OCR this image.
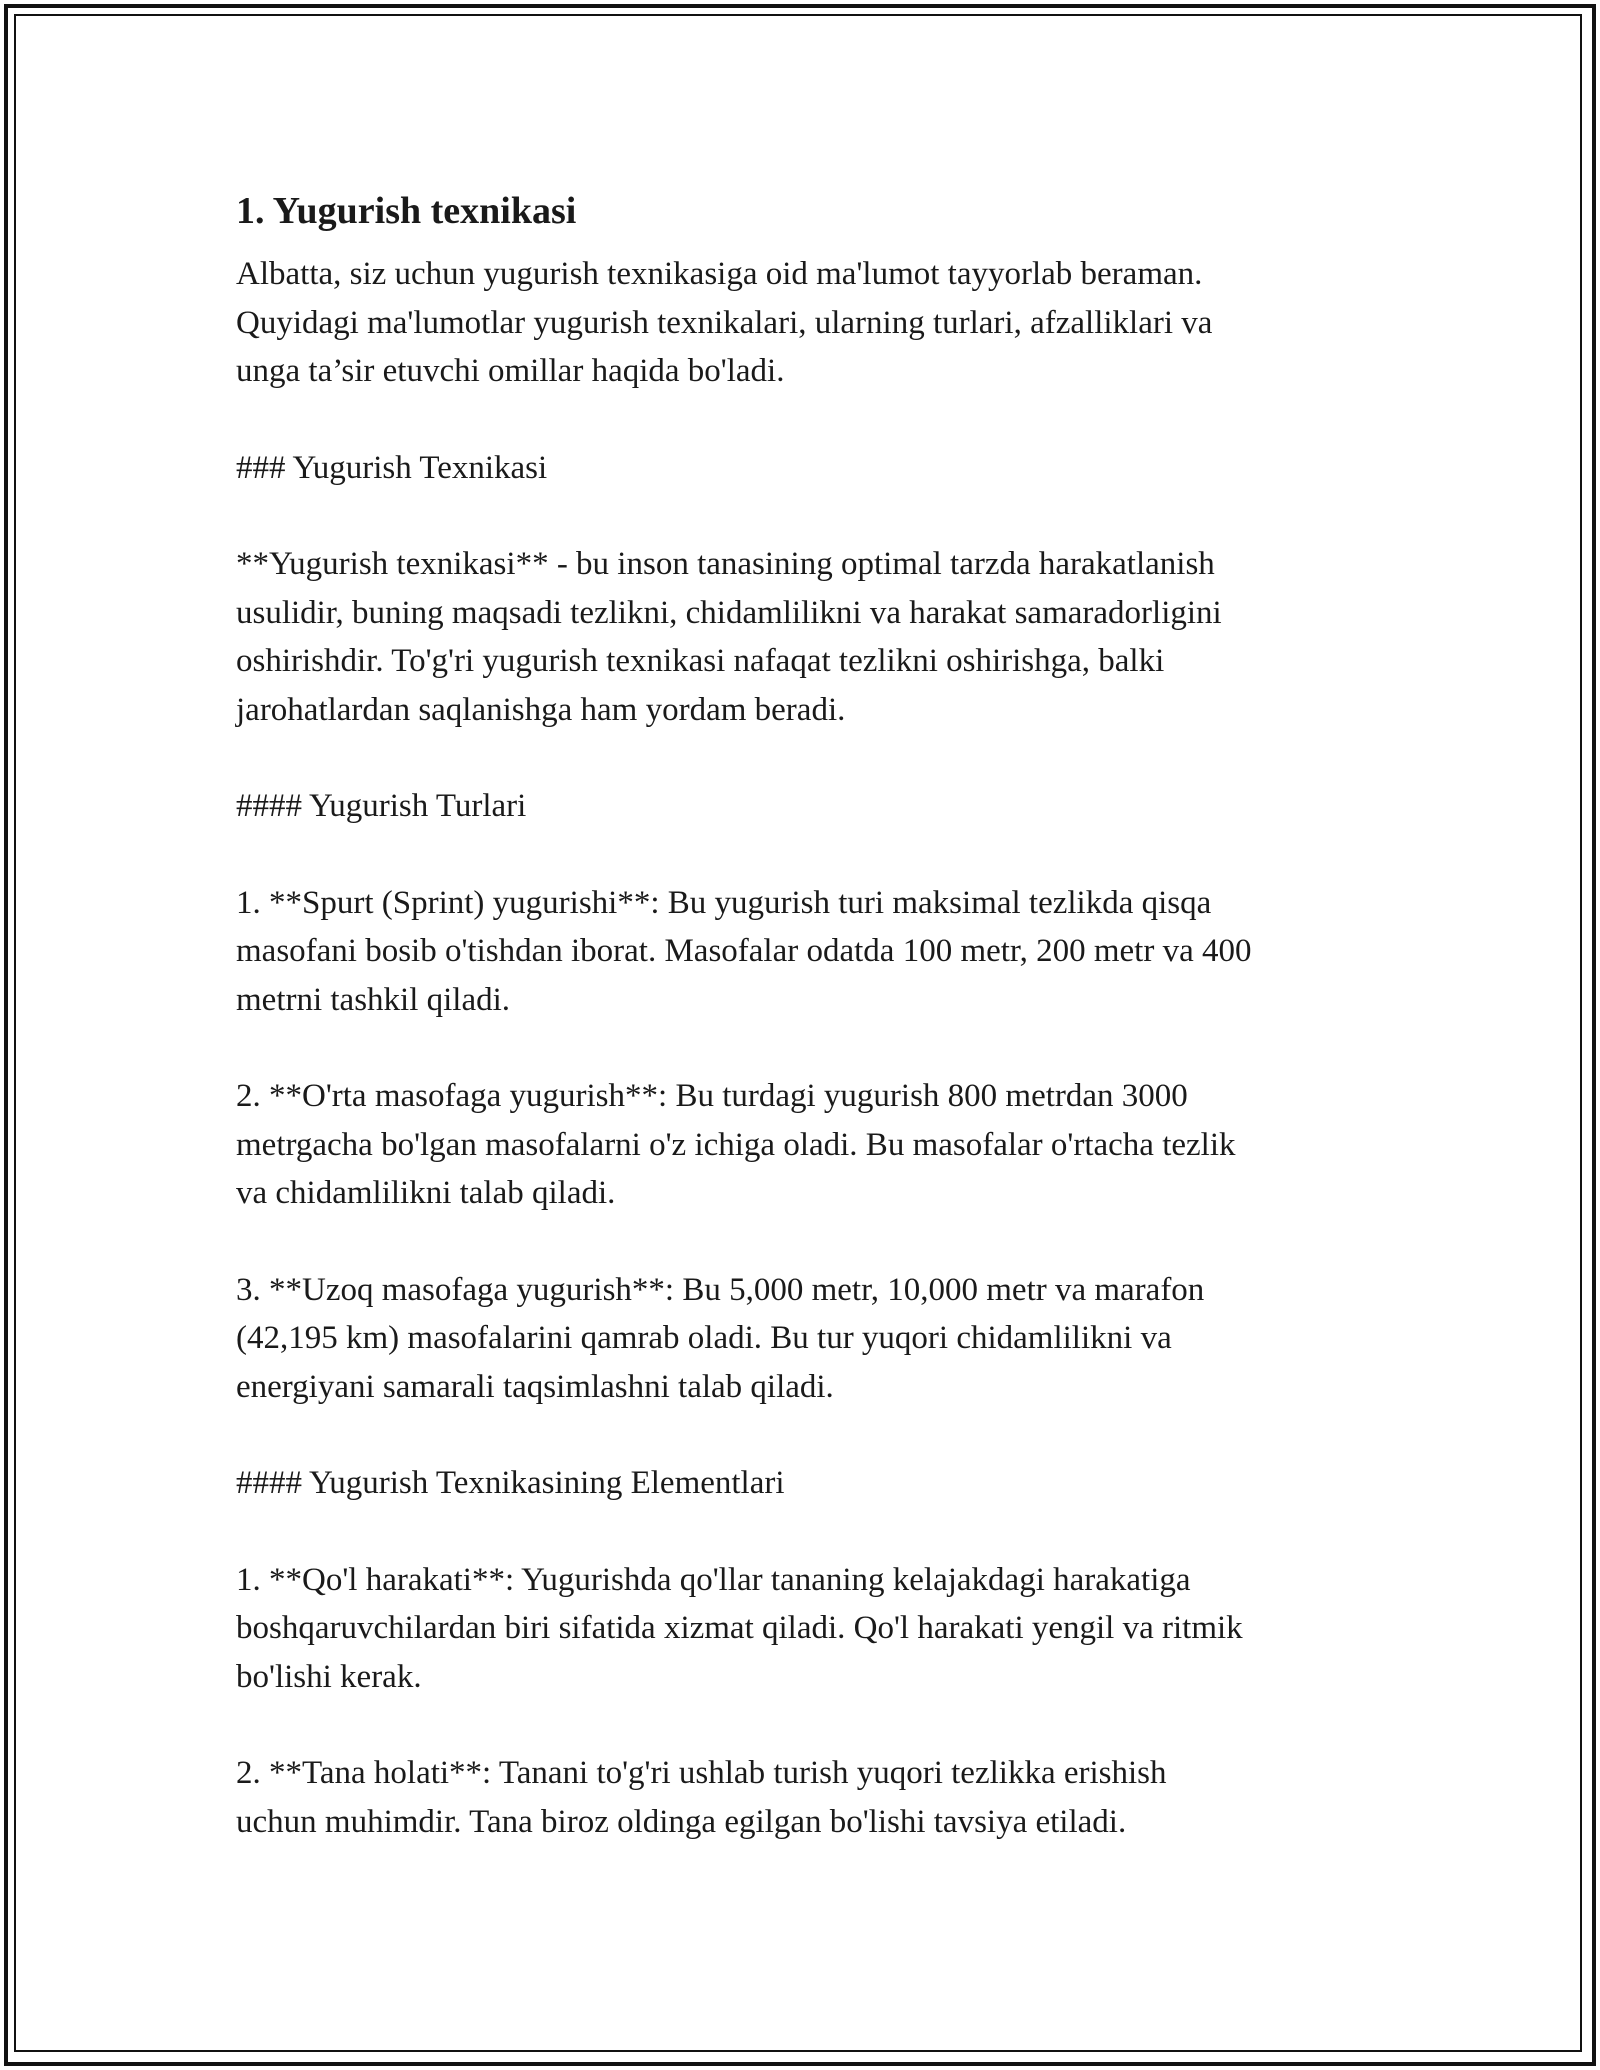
1. Yugurish texnikasi
Albatta, siz uchun yugurish texnikasiga oid ma'lumot tayyorlab beraman.
Quyidagi ma'lumotlar yugurish texnikalari, ularning turlari, afzalliklari va
unga ta’sir etuvchi omillar haqida bo'ladi.
### Yugurish Texnikasi
**Yugurish texnikasi** - bu inson tanasining optimal tarzda harakatlanish
usulidir, buning maqsadi tezlikni, chidamlilikni va harakat samaradorligini
oshirishdir. To'g'ri yugurish texnikasi nafaqat tezlikni oshirishga, balki
jarohatlardan saqlanishga ham yordam beradi.
#### Yugurish Turlari
1. **Spurt (Sprint) yugurishi**: Bu yugurish turi maksimal tezlikda qisqa
masofani bosib o'tishdan iborat. Masofalar odatda 100 metr, 200 metr va 400
metrni tashkil qiladi.
2. **O'rta masofaga yugurish**: Bu turdagi yugurish 800 metrdan 3000
metrgacha bo'lgan masofalarni o'z ichiga oladi. Bu masofalar o'rtacha tezlik
va chidamlilikni talab qiladi.
3. **Uzoq masofaga yugurish**: Bu 5,000 metr, 10,000 metr va marafon
(42,195 km) masofalarini qamrab oladi. Bu tur yuqori chidamlilikni va
energiyani samarali taqsimlashni talab qiladi.
#### Yugurish Texnikasining Elementlari
1. **Qo'l harakati**: Yugurishda qo'llar tananing kelajakdagi harakatiga
boshqaruvchilardan biri sifatida xizmat qiladi. Qo'l harakati yengil va ritmik
bo'lishi kerak.
2. **Tana holati**: Tanani to'g'ri ushlab turish yuqori tezlikka erishish
uchun muhimdir. Tana biroz oldinga egilgan bo'lishi tavsiya etiladi.
